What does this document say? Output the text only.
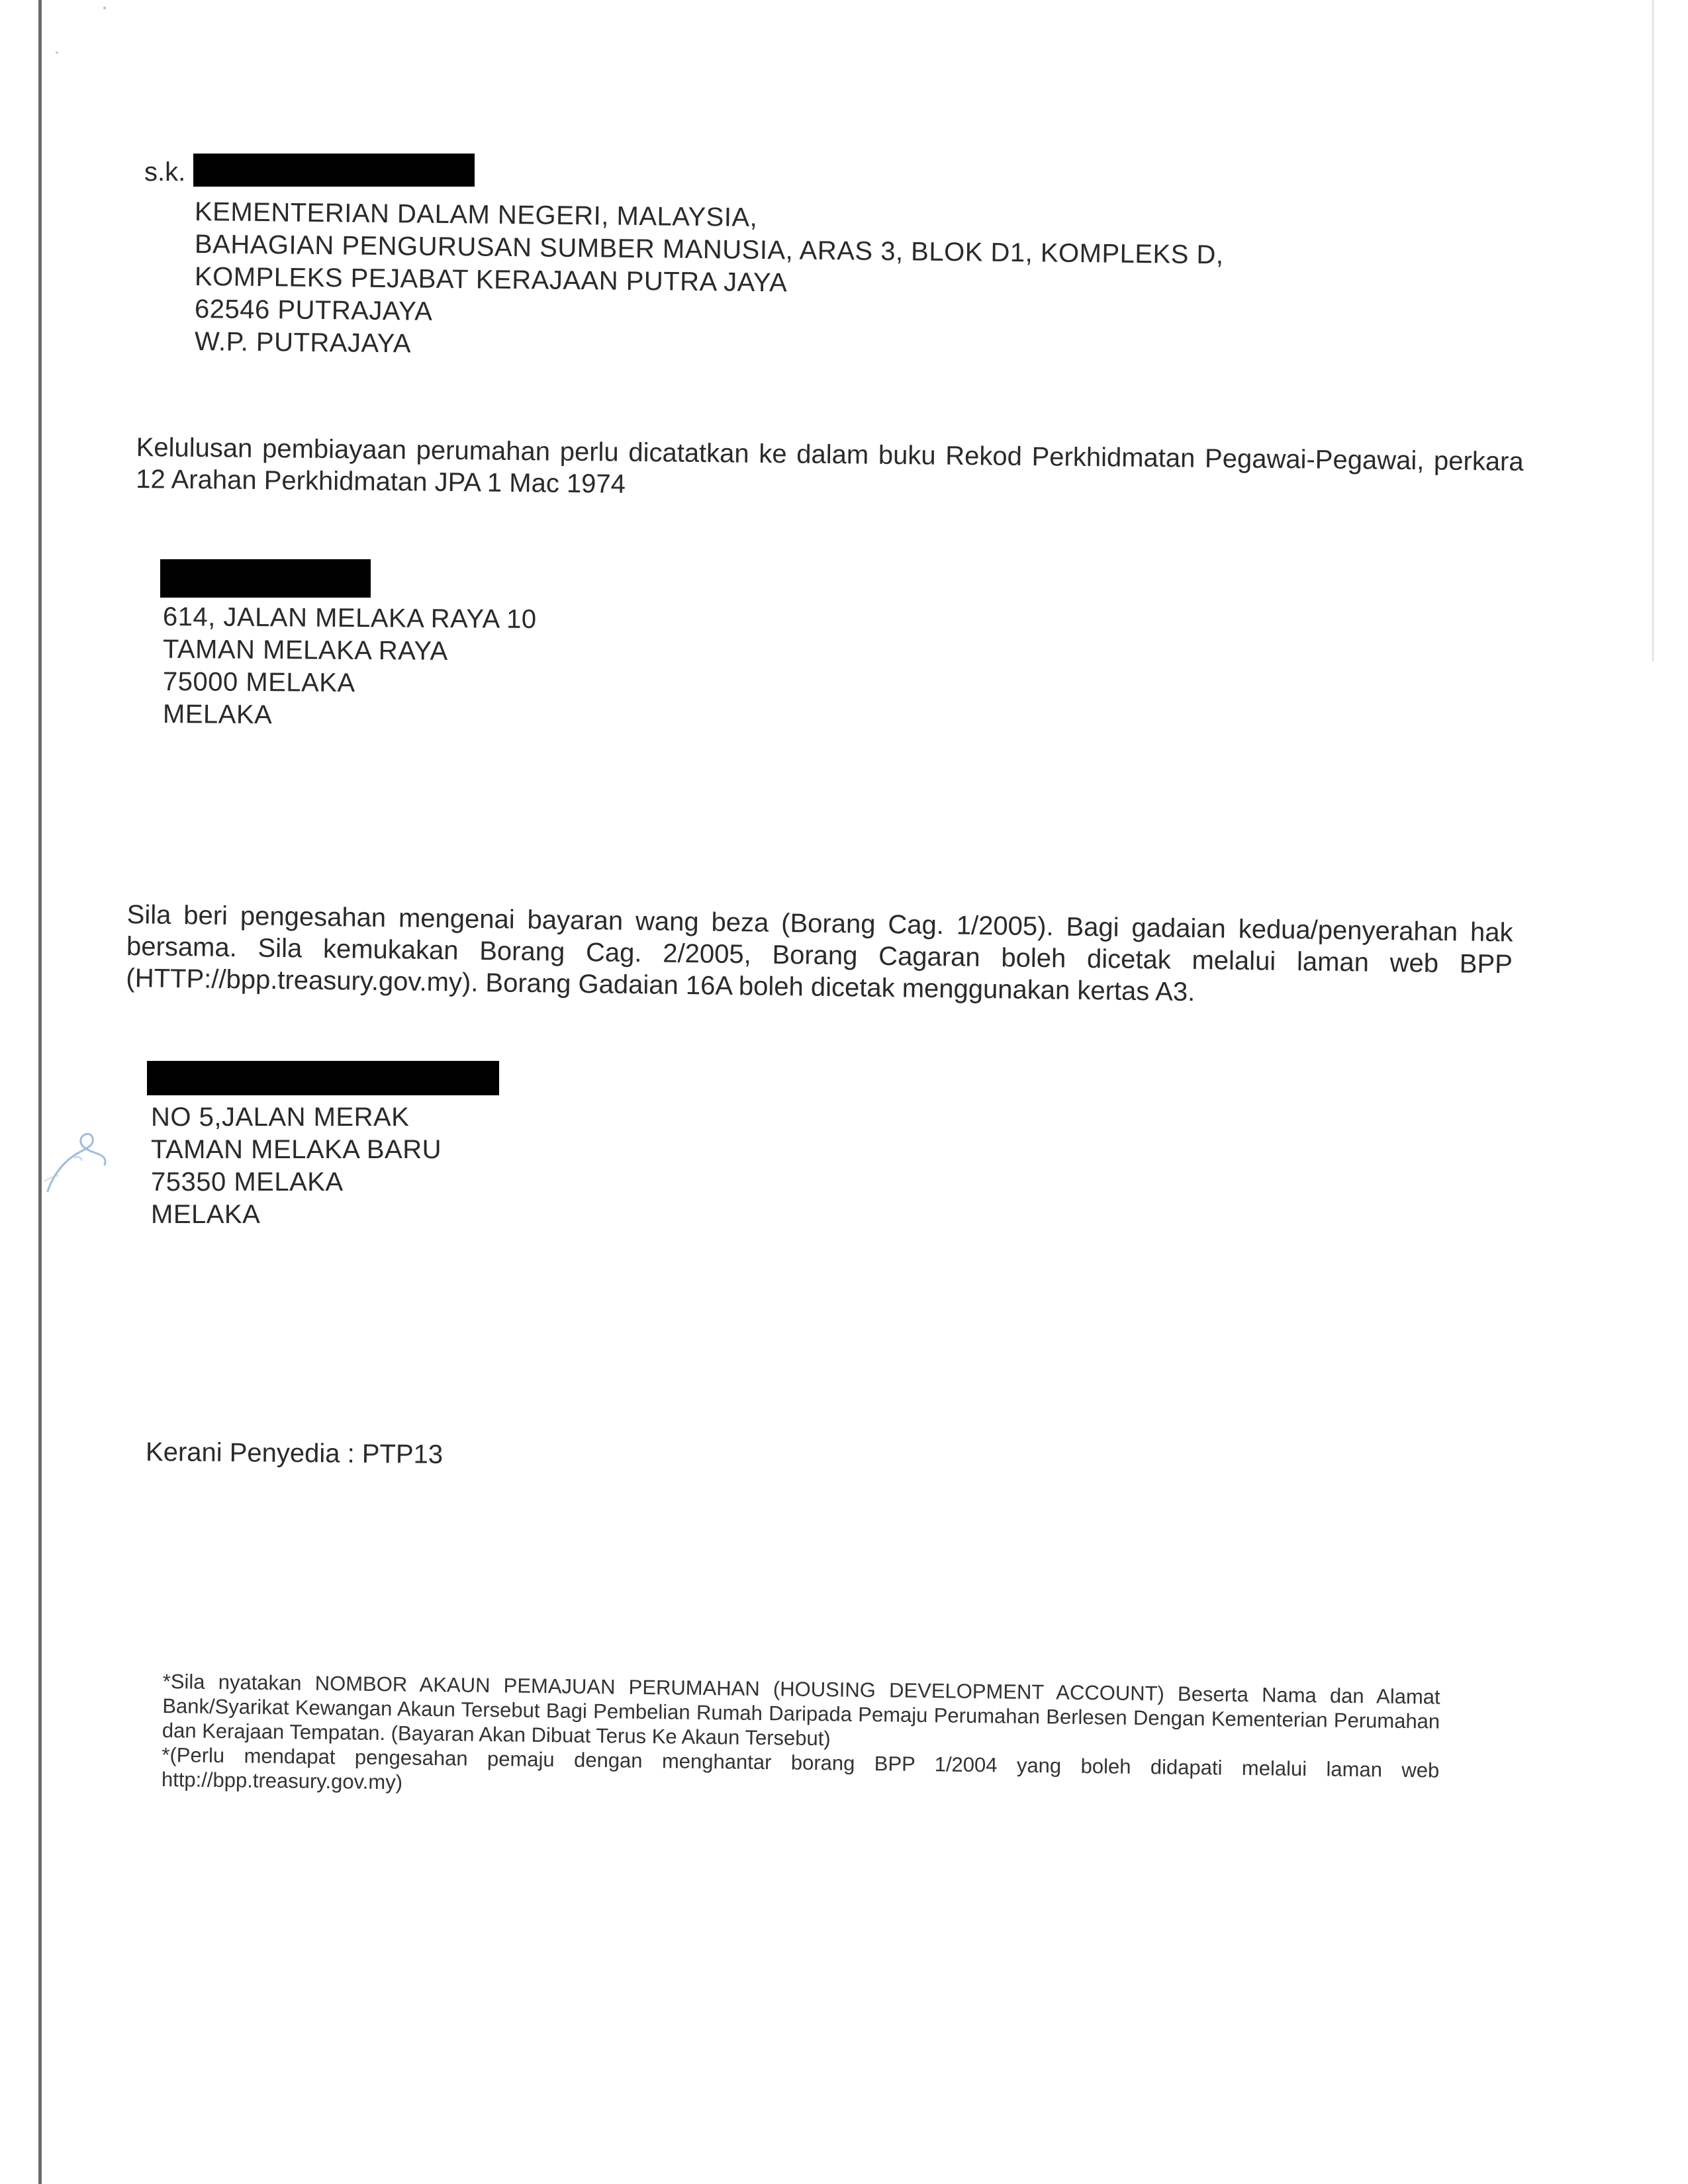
s.k.
KEMENTERIAN DALAM NEGERI, MALAYSIA,
BAHAGIAN PENGURUSAN SUMBER MANUSIA, ARAS 3, BLOK D1, KOMPLEKS D,
KOMPLEKS PEJABAT KERAJAAN PUTRA JAYA
62546 PUTRAJAYA
W.P. PUTRAJAYA
Kelulusan pembiayaan perumahan perlu dicatatkan ke dalam buku Rekod Perkhidmatan Pegawai-Pegawai, perkara 12 Arahan Perkhidmatan JPA 1 Mac 1974
614, JALAN MELAKA RAYA 10
TAMAN MELAKA RAYA
75000 MELAKA
MELAKA
Sila beri pengesahan mengenai bayaran wang beza (Borang Cag. 1/2005). Bagi gadaian kedua/penyerahan hak bersama. Sila kemukakan Borang Cag. 2/2005, Borang Cagaran boleh dicetak melalui laman web BPP (HTTP://bpp.treasury.gov.my). Borang Gadaian 16A boleh dicetak menggunakan kertas A3.
NO 5,JALAN MERAK
TAMAN MELAKA BARU
75350 MELAKA
MELAKA
Kerani Penyedia : PTP13
*Sila nyatakan NOMBOR AKAUN PEMAJUAN PERUMAHAN (HOUSING DEVELOPMENT ACCOUNT) Beserta Nama dan Alamat Bank/Syarikat Kewangan Akaun Tersebut Bagi Pembelian Rumah Daripada Pemaju Perumahan Berlesen Dengan Kementerian Perumahan dan Kerajaan Tempatan. (Bayaran Akan Dibuat Terus Ke Akaun Tersebut)
*(Perlu mendapat pengesahan pemaju dengan menghantar borang BPP 1/2004 yang boleh didapati melalui laman web http://bpp.treasury.gov.my)
